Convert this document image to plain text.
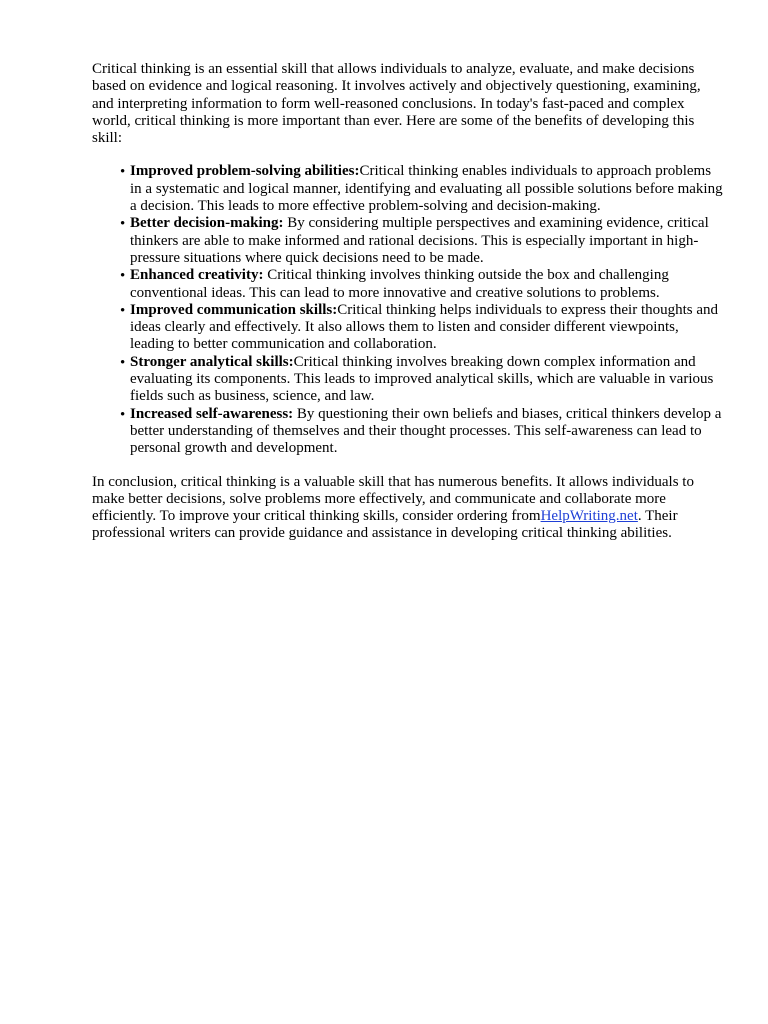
Critical thinking is an essential skill that allows individuals to analyze, evaluate, and make decisions based on evidence and logical reasoning. It involves actively and objectively questioning, examining, and interpreting information to form well-reasoned conclusions. In today's fast-paced and complex world, critical thinking is more important than ever. Here are some of the benefits of developing this skill:

• Improved problem-solving abilities:Critical thinking enables individuals to approach problems in a systematic and logical manner, identifying and evaluating all possible solutions before making a decision. This leads to more effective problem-solving and decision-making.
• Better decision-making: By considering multiple perspectives and examining evidence, critical thinkers are able to make informed and rational decisions. This is especially important in high-pressure situations where quick decisions need to be made.
• Enhanced creativity: Critical thinking involves thinking outside the box and challenging conventional ideas. This can lead to more innovative and creative solutions to problems.
• Improved communication skills:Critical thinking helps individuals to express their thoughts and ideas clearly and effectively. It also allows them to listen and consider different viewpoints, leading to better communication and collaboration.
• Stronger analytical skills:Critical thinking involves breaking down complex information and evaluating its components. This leads to improved analytical skills, which are valuable in various fields such as business, science, and law.
• Increased self-awareness: By questioning their own beliefs and biases, critical thinkers develop a better understanding of themselves and their thought processes. This self-awareness can lead to personal growth and development.

In conclusion, critical thinking is a valuable skill that has numerous benefits. It allows individuals to make better decisions, solve problems more effectively, and communicate and collaborate more efficiently. To improve your critical thinking skills, consider ordering fromHelpWriting.net. Their professional writers can provide guidance and assistance in developing critical thinking abilities.
